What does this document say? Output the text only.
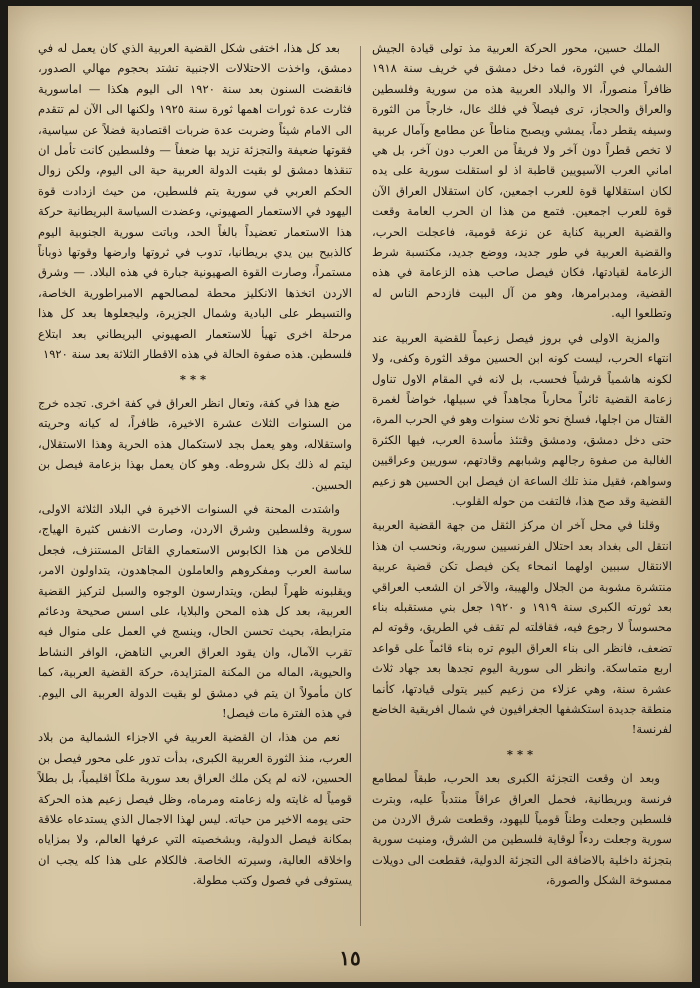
الملك حسين، محور الحركة العربية مذ تولى قيادة الجيش الشمالي في الثورة، فما دخل دمشق في خريف سنة ١٩١٨ ظافراً منصوراً، الا والبلاد العربية هذه من سورية وفلسطين والعراق والحجاز، ترى فيصلاً في فلك عال، خارجاً من الثورة وسيفه يقطر دماً، يمشي ويصبح مناطاً عن مطامع وآمال عربية لا تخص قطراً دون آخر ولا فريقاً من العرب دون آخر، بل هي اماني العرب الآسيويين قاطبة اذ لو استقلت سورية على يده لكان استقلالها قوة للعرب اجمعين، كان استقلال العراق الآن قوة للعرب اجمعين. فتمع من هذا ان الحرب العامة وقعت والقضية العربية كناية عن نزعة قومية، فاعجلت الحرب، والقضية العربية في طور جديد، ووضع جديد، مكتسبة شرط الزعامة لقيادتها، فكان فيصل صاحب هذه الزعامة في هذه القضية، ومدبرامرها، وهو من آل البيت فازدحم الناس له وتطلعوا اليه.

والمزية الاولى في بروز فيصل زعيماً للقضية العربية عند انتهاء الحرب، ليست كونه ابن الحسين موقد الثورة وكفى، ولا لكونه هاشمياً قرشياً فحسب، بل لانه في المقام الاول تناول زعامة القضية ثائراً محارباً مجاهداً في سبيلها، خواضاً لغمرة القتال من اجلها، فسلخ نحو ثلاث سنوات وهو في الحرب المرة، حتى دخل دمشق، ودمشق وقتئذ مأسدة العرب، فيها الكثرة الغالبة من صفوة رجالهم وشبابهم وقادتهم، سوريين وعراقيين وسواهم، فقيل منذ تلك الساعة ان فيصل ابن الحسين هو زعيم القضية وقد صح هذا، فالتفت من حوله القلوب.

وقلنا في محل آخر ان مركز الثقل من جهة القضية العربية انتقل الى بغداد بعد احتلال الفرنسيين سورية، ونحسب ان هذا الانتقال سببين اولهما انمحاء يكن فيصل تكن قضية عربية منتشرة مشوبة من الجلال والهيبة، والآخر ان الشعب العراقي بعد ثورته الكبرى سنة ١٩١٩ و ١٩٢٠ جعل بني مستقبله بناء محسوساً لا رجوع فيه، فقافلته لم تقف في الطريق، وقوته لم تضعف، فانظر الى بناء العراق اليوم تره بناء قائماً على قواعد اربع متماسكة. وانظر الى سورية اليوم تجدها بعد جهاد ثلاث عشرة سنة، وهي عزلاء من زعيم كبير يتولى قيادتها، كأنما منطقة جديدة استكشفها الجغرافيون في شمال افريقية الخاضع لفرنسة!

***

وبعد ان وقعت التجزئة الكبرى بعد الحرب، طبقاً لمطامع فرنسة وبريطانية، فحمل العراق عراقاً منتدباً عليه، وبترت فلسطين وجعلت وطناً قومياً لليهود، وقطعت شرق الاردن من سورية وجعلت ردءاً لوقاية فلسطين من الشرق، ومنيت سورية بتجزئة داخلية بالاضافة الى التجزئة الدولية، فقطعت الى دويلات ممسوخة الشكل والصورة،

بعد كل هذا، اختفى شكل القضية العربية الذي كان يعمل له في دمشق، واخذت الاحتلالات الاجنبية تشتد بحجوم مهالي الصدور، فانقضت السنون بعد سنة ١٩٢٠ الى اليوم هكذا — اماسورية فثارت عدة ثورات اهمها ثورة سنة ١٩٢٥ ولكنها الى الآن لم تتقدم الى الامام شيئاً وضربت عدة ضربات اقتصادية فضلاً عن سياسية، فقوتها ضعيفة والتجزئة تزيد بها ضعفاً — وفلسطين كانت تأمل ان تنقذها دمشق لو بقيت الدولة العربية حية الى اليوم، ولكن زوال الحكم العربي في سورية يتم فلسطين، من حيث ازدادت قوة اليهود في الاستعمار الصهيوني، وعضدت السياسة البريطانية حركة هذا الاستعمار تعضيداً بالغاً الحد، وباتت سورية الجنوبية اليوم كالذبيح بين يدي بريطانيا، تدوب في ثروتها وارضها وقوتها ذوباناً مستمراً، وصارت القوة الصهيونية جبارة في هذه البلاد. — وشرق الاردن اتخذها الانكليز محطة لمصالحهم الامبراطورية الخاصة، والتسيطر على البادية وشمال الجزيرة، وليجعلوها بعد كل هذا مرحلة اخرى تهيأ للاستعمار الصهيوني البريطاني بعد ابتلاع فلسطين. هذه صفوة الحالة في هذه الاقطار الثلاثة بعد سنة ١٩٢٠

***

ضع هذا في كفة، وتعال انظر العراق في كفة اخرى. تجده خرج من السنوات الثلاث عشرة الاخيرة، ظافراً، له كيانه وحريته واستقلاله، وهو يعمل بجد لاستكمال هذه الحرية وهذا الاستقلال، ليتم له ذلك بكل شروطه. وهو كان يعمل بهذا بزعامة فيصل بن الحسين.

واشتدت المحنة في السنوات الاخيرة في البلاد الثلاثة الاولى، سورية وفلسطين وشرق الاردن، وصارت الانفس كثيرة الهياج، للخلاص من هذا الكابوس الاستعماري القاتل المستنزف، فجعل ساسة العرب ومفكروهم والعاملون المجاهدون، يتداولون الامر، ويقلبونه ظهراً لبطن، ويتدارسون الوجوه والسبل لتركيز القضية العربية، بعد كل هذه المحن والبلايا، على اسس صحيحة ودعائم مترابطة، بحيث تحسن الحال، وينسج في العمل على منوال فيه تقرب الآمال، وان يقود العراق العربي الناهض، الوافر النشاط والحيوية، الماله من المكنة المتزايدة، حركة القضية العربية، كما كان مأمولاً ان يتم في دمشق لو بقيت الدولة العربية الى اليوم. في هذه الفترة مات فيصل!

نعم من هذا، ان القضية العربية في الاجزاء الشمالية من بلاد العرب، منذ الثورة العربية الكبرى، بدأت تدور على محور فيصل بن الحسين، لانه لم يكن ملك العراق بعد سورية ملكاً اقليمياً، بل بطلاً قومياً له غايته وله زعامته ومرماه، وظل فيصل زعيم هذه الحركة حتى يومه الاخير من حياته. ليس لهذا الاجمال الذي يستدعاه علاقة بمكانة فيصل الدولية، وبشخصيته التي عرفها العالم، ولا بمزاياه واخلاقه العالية، وسيرته الخاصة. فالكلام على هذا كله يجب ان يستوفى في فصول وكتب مطولة.

١٥
